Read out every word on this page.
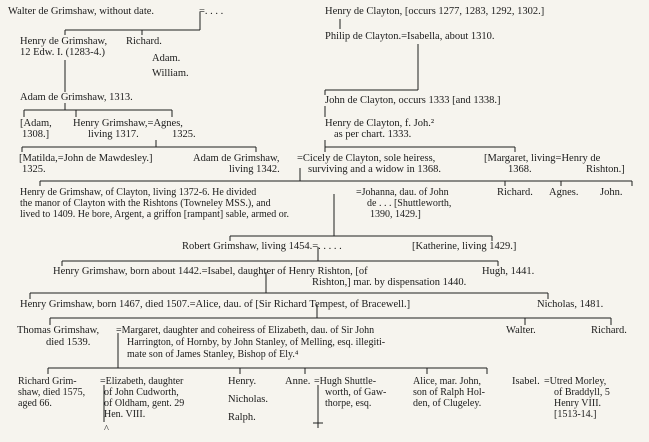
Walter de Grimshaw, without date.	=. . . .	Henry de Clayton, [occurs 1277, 1283, 1292, 1302.]
Henry de Grimshaw,
12 Edw. I. (1283-4.)
Richard.
Adam.
William.
Philip de Clayton.=Isabella, about 1310.
Adam de Grimshaw, 1313.	John de Clayton, occurs 1333 [and 1338.]
[Adam,
1308.]
Henry Grimshaw,=Agnes,
living 1317.	1325.
Henry de Clayton, f. Joh.²
as per chart. 1333.
[Matilda,=John de Mawdesley.]
1325.
Adam de Grimshaw,
living 1342.
=Cicely de Clayton, sole heiress,
surviving and a widow in 1368.
[Margaret, living=Henry de
1368.	Rishton.]
Henry de Grimshaw, of Clayton, living 1372-6. He divided
the manor of Clayton with the Rishtons (Towneley MSS.), and
lived to 1409. He bore, Argent, a griffon [rampant] sable, armed or.
=Johanna, dau. of John
de . . . [Shuttleworth,
1390, 1429.]
Richard. Agnes. John.
Robert Grimshaw, living 1454.=. . . . .	[Katherine, living 1429.]
Henry Grimshaw, born about 1442.=Isabel, daughter of Henry Rishton, [of
Rishton,] mar. by dispensation 1440.
Hugh, 1441.
Henry Grimshaw, born 1467, died 1507.=Alice, dau. of [Sir Richard Tempest, of Bracewell.]	Nicholas, 1481.
Thomas Grimshaw,
died 1539.
=Margaret, daughter and coheiress of Elizabeth, dau. of Sir John
Harrington, of Hornby, by John Stanley, of Melling, esq. illegiti-
mate son of James Stanley, Bishop of Ely.⁴
Walter.	Richard.
Richard Grim-
shaw, died 1575,
aged 66.
=Elizabeth, daughter
of John Cudworth,
of Oldham, gent. 29
Hen. VIII.
^
Henry.
Nicholas.
Ralph.
Anne. =Hugh Shuttle-
worth, of Gaw-
thorpe, esq.
Alice, mar. John,
son of Ralph Hol-
den, of Clugeley.
Isabel. =Utred Morley,
of Braddyll, 5
Henry VIII.
[1513-14.]
